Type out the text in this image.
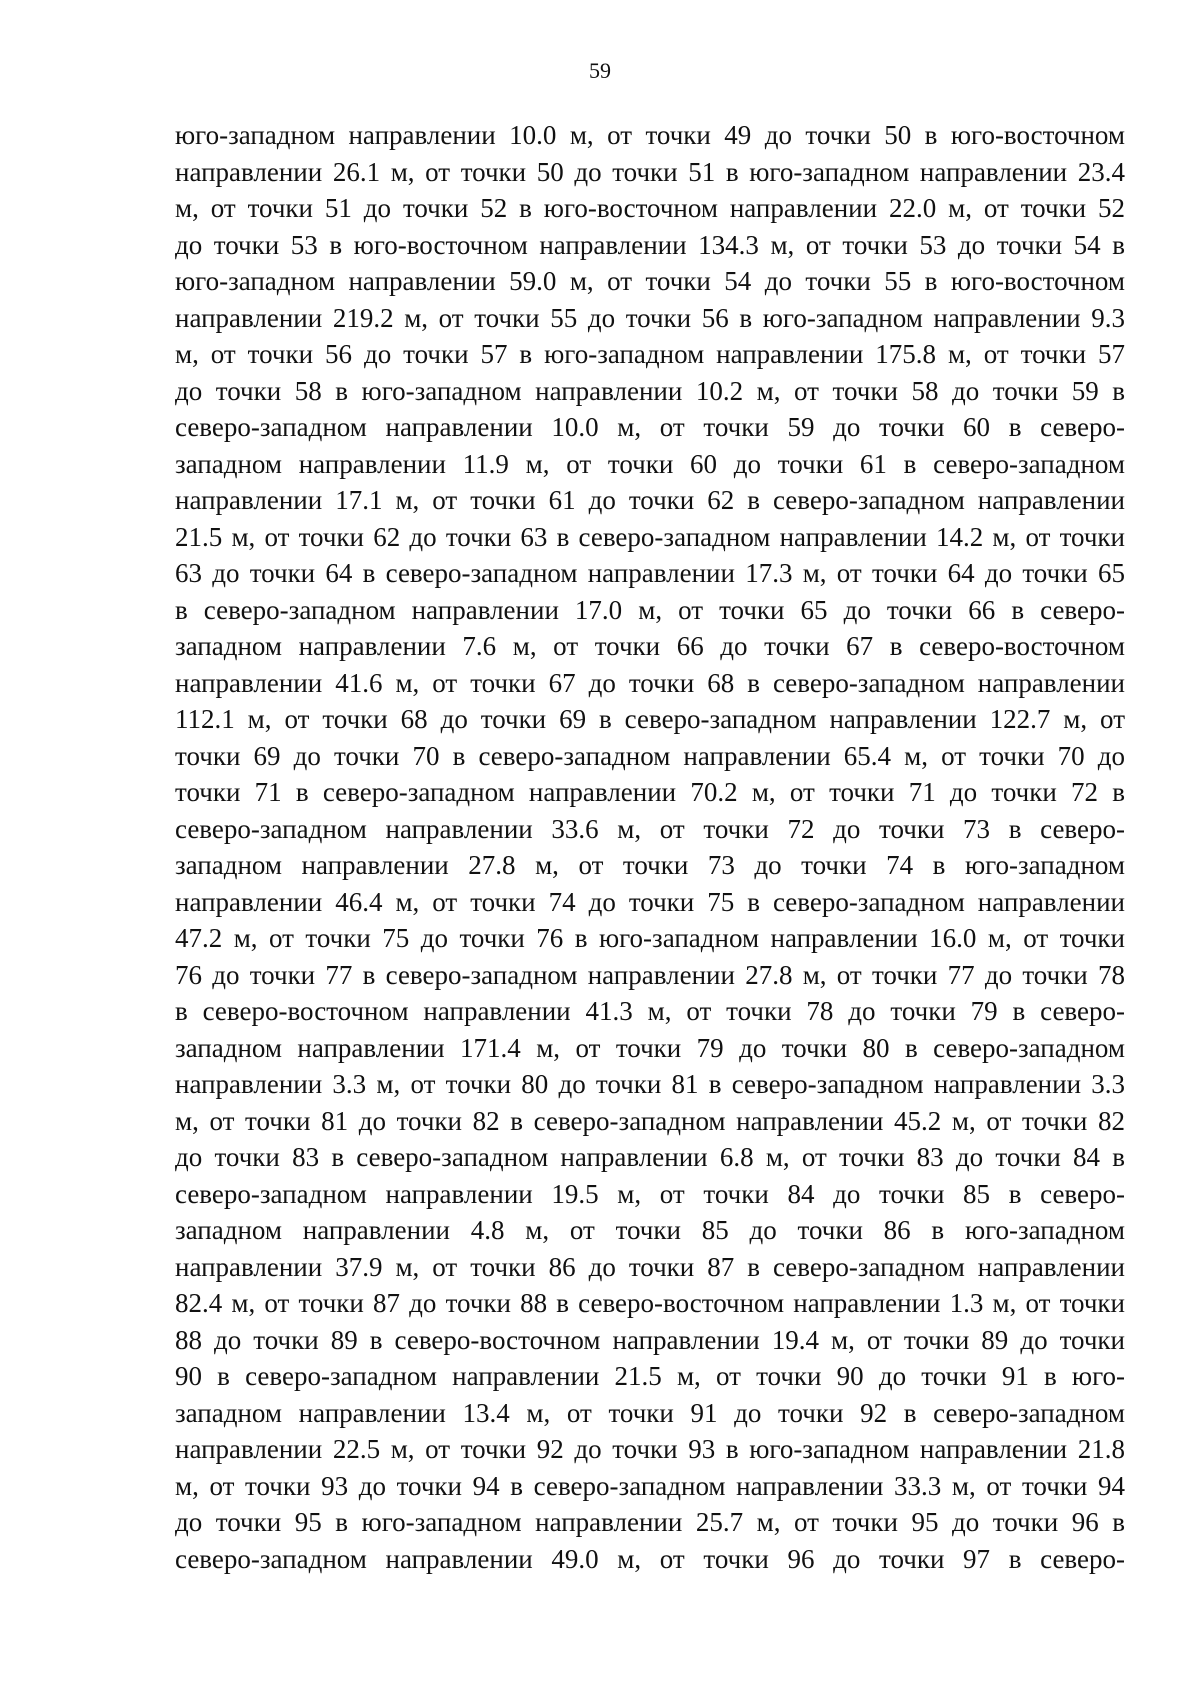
59
юго-западном направлении 10.0 м, от точки 49 до точки 50 в юго-восточном
направлении 26.1 м, от точки 50 до точки 51 в юго-западном направлении 23.4
м, от точки 51 до точки 52 в юго-восточном направлении 22.0 м, от точки 52
до точки 53 в юго-восточном направлении 134.3 м, от точки 53 до точки 54 в
юго-западном направлении 59.0 м, от точки 54 до точки 55 в юго-восточном
направлении 219.2 м, от точки 55 до точки 56 в юго-западном направлении 9.3
м, от точки 56 до точки 57 в юго-западном направлении 175.8 м, от точки 57
до точки 58 в юго-западном направлении 10.2 м, от точки 58 до точки 59 в
северо-западном направлении 10.0 м, от точки 59 до точки 60 в северо-
западном направлении 11.9 м, от точки 60 до точки 61 в северо-западном
направлении 17.1 м, от точки 61 до точки 62 в северо-западном направлении
21.5 м, от точки 62 до точки 63 в северо-западном направлении 14.2 м, от точки
63 до точки 64 в северо-западном направлении 17.3 м, от точки 64 до точки 65
в северо-западном направлении 17.0 м, от точки 65 до точки 66 в северо-
западном направлении 7.6 м, от точки 66 до точки 67 в северо-восточном
направлении 41.6 м, от точки 67 до точки 68 в северо-западном направлении
112.1 м, от точки 68 до точки 69 в северо-западном направлении 122.7 м, от
точки 69 до точки 70 в северо-западном направлении 65.4 м, от точки 70 до
точки 71 в северо-западном направлении 70.2 м, от точки 71 до точки 72 в
северо-западном направлении 33.6 м, от точки 72 до точки 73 в северо-
западном направлении 27.8 м, от точки 73 до точки 74 в юго-западном
направлении 46.4 м, от точки 74 до точки 75 в северо-западном направлении
47.2 м, от точки 75 до точки 76 в юго-западном направлении 16.0 м, от точки
76 до точки 77 в северо-западном направлении 27.8 м, от точки 77 до точки 78
в северо-восточном направлении 41.3 м, от точки 78 до точки 79 в северо-
западном направлении 171.4 м, от точки 79 до точки 80 в северо-западном
направлении 3.3 м, от точки 80 до точки 81 в северо-западном направлении 3.3
м, от точки 81 до точки 82 в северо-западном направлении 45.2 м, от точки 82
до точки 83 в северо-западном направлении 6.8 м, от точки 83 до точки 84 в
северо-западном направлении 19.5 м, от точки 84 до точки 85 в северо-
западном направлении 4.8 м, от точки 85 до точки 86 в юго-западном
направлении 37.9 м, от точки 86 до точки 87 в северо-западном направлении
82.4 м, от точки 87 до точки 88 в северо-восточном направлении 1.3 м, от точки
88 до точки 89 в северо-восточном направлении 19.4 м, от точки 89 до точки
90 в северо-западном направлении 21.5 м, от точки 90 до точки 91 в юго-
западном направлении 13.4 м, от точки 91 до точки 92 в северо-западном
направлении 22.5 м, от точки 92 до точки 93 в юго-западном направлении 21.8
м, от точки 93 до точки 94 в северо-западном направлении 33.3 м, от точки 94
до точки 95 в юго-западном направлении 25.7 м, от точки 95 до точки 96 в
северо-западном направлении 49.0 м, от точки 96 до точки 97 в северо-
